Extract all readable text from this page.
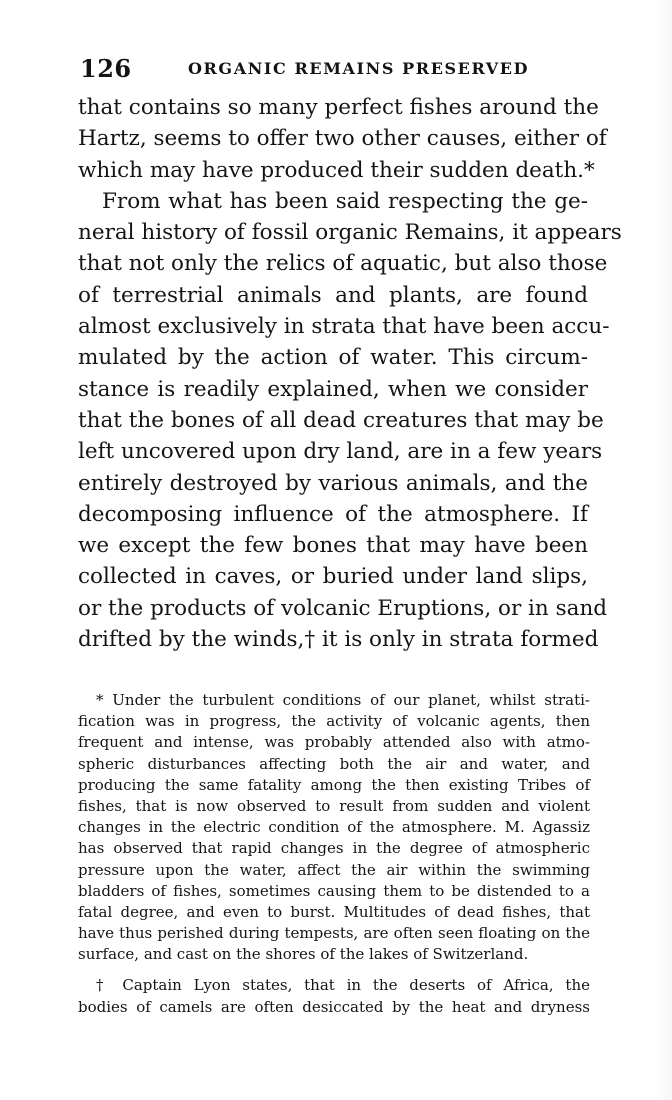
126	ORGANIC REMAINS PRESERVED
that contains so many perfect fishes around the
Hartz, seems to offer two other causes, either of
which may have produced their sudden death.*
From what has been said respecting the ge-
neral history of fossil organic Remains, it appears
that not only the relics of aquatic, but also those
of terrestrial animals and plants, are found
almost exclusively in strata that have been accu-
mulated by the action of water. This circum-
stance is readily explained, when we consider
that the bones of all dead creatures that may be
left uncovered upon dry land, are in a few years
entirely destroyed by various animals, and the
decomposing influence of the atmosphere. If
we except the few bones that may have been
collected in caves, or buried under land slips,
or the products of volcanic Eruptions, or in sand
drifted by the winds,† it is only in strata formed
* Under the turbulent conditions of our planet, whilst strati-
fication was in progress, the activity of volcanic agents, then
frequent and intense, was probably attended also with atmo-
spheric disturbances affecting both the air and water, and
producing the same fatality among the then existing Tribes of
fishes, that is now observed to result from sudden and violent
changes in the electric condition of the atmosphere. M. Agassiz
has observed that rapid changes in the degree of atmospheric
pressure upon the water, affect the air within the swimming
bladders of fishes, sometimes causing them to be distended to a
fatal degree, and even to burst. Multitudes of dead fishes, that
have thus perished during tempests, are often seen floating on the
surface, and cast on the shores of the lakes of Switzerland.
† Captain Lyon states, that in the deserts of Africa, the
bodies of camels are often desiccated by the heat and dryness
